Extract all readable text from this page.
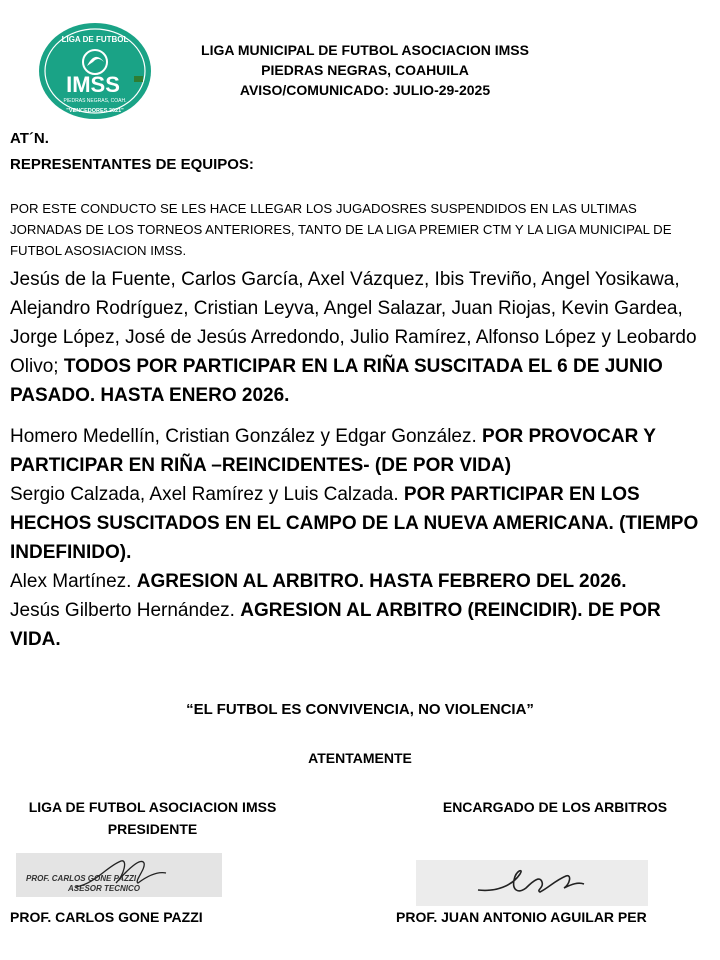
LIGA DE FUTBOL
IMSS
PIEDRAS NEGRAS, COAH.
"VENCEDORES 2021"
LIGA MUNICIPAL DE FUTBOL ASOCIACION IMSS
PIEDRAS NEGRAS, COAHUILA
AVISO/COMUNICADO: JULIO-29-2025
AT´N.
REPRESENTANTES DE EQUIPOS:
POR ESTE CONDUCTO SE LES HACE LLEGAR LOS JUGADOSRES SUSPENDIDOS EN LAS ULTIMAS JORNADAS DE LOS TORNEOS ANTERIORES, TANTO DE LA LIGA PREMIER CTM Y LA LIGA MUNICIPAL DE FUTBOL ASOSIACION IMSS.

Jesús de la Fuente, Carlos García, Axel Vázquez, Ibis Treviño, Angel Yosikawa, Alejandro Rodríguez, Cristian Leyva, Angel Salazar, Juan Riojas, Kevin Gardea, Jorge López, José de Jesús Arredondo, Julio Ramírez, Alfonso López y Leobardo Olivo; TODOS POR PARTICIPAR EN LA RIÑA SUSCITADA EL 6 DE JUNIO PASADO. HASTA ENERO 2026.

Homero Medellín, Cristian González y Edgar González. POR PROVOCAR Y PARTICIPAR EN RIÑA –REINCIDENTES- (DE POR VIDA)

Sergio Calzada, Axel Ramírez y Luis Calzada. POR PARTICIPAR EN LOS HECHOS SUSCITADOS EN EL CAMPO DE LA NUEVA AMERICANA. (TIEMPO INDEFINIDO).

Alex Martínez. AGRESION AL ARBITRO. HASTA FEBRERO DEL 2026.

Jesús Gilberto Hernández. AGRESION AL ARBITRO (REINCIDIR). DE POR VIDA.

“EL FUTBOL ES CONVIVENCIA, NO VIOLENCIA”
ATENTAMENTE
LIGA DE FUTBOL ASOCIACION IMSS
PRESIDENTE
PROF. CARLOS GONE PAZZI
ASESOR TECNICO
PROF. CARLOS GONE PAZZI
ENCARGADO DE LOS ARBITROS
PROF. JUAN ANTONIO AGUILAR PER
